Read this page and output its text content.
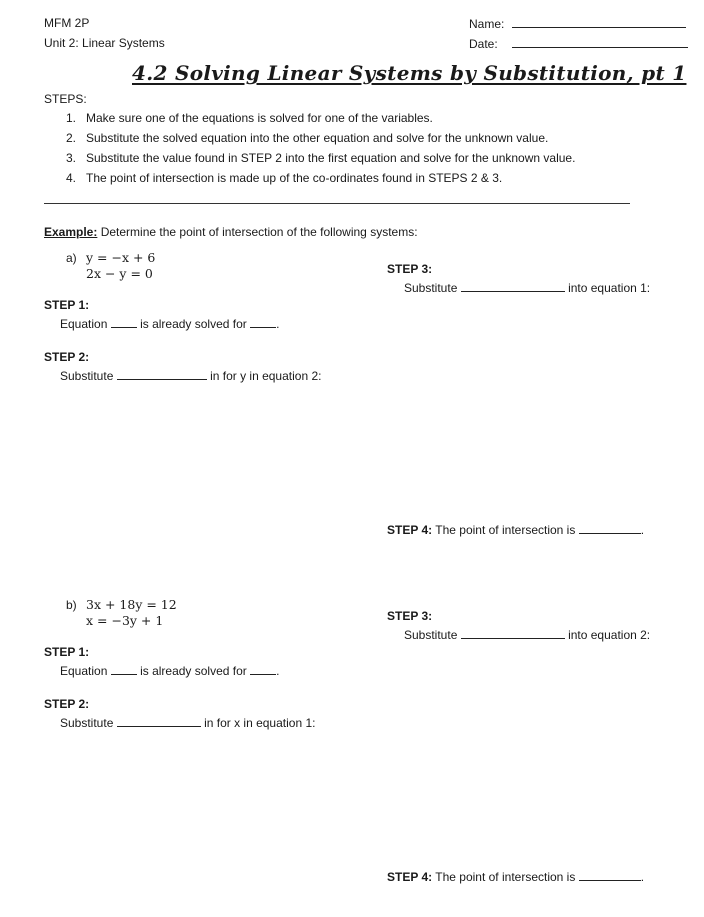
MFM 2P
Unit 2: Linear Systems
Name:
Date:
4.2 Solving Linear Systems by Substitution, pt 1
STEPS:
1. Make sure one of the equations is solved for one of the variables.
2. Substitute the solved equation into the other equation and solve for the unknown value.
3. Substitute the value found in STEP 2 into the first equation and solve for the unknown value.
4. The point of intersection is made up of the co-ordinates found in STEPS 2 & 3.
Example: Determine the point of intersection of the following systems:
a) y = −x + 6
2x − y = 0
STEP 1:
Equation	is already solved for .
STEP 2:
Substitute	in for y in equation 2:
STEP 3:
Substitute	into equation 1:
STEP 4: The point of intersection is	.
b) 3x + 18y = 12
x = −3y + 1
STEP 1:
Equation	is already solved for .
STEP 2:
Substitute	in for x in equation 1:
STEP 3:
Substitute	into equation 2:
STEP 4: The point of intersection is	.
